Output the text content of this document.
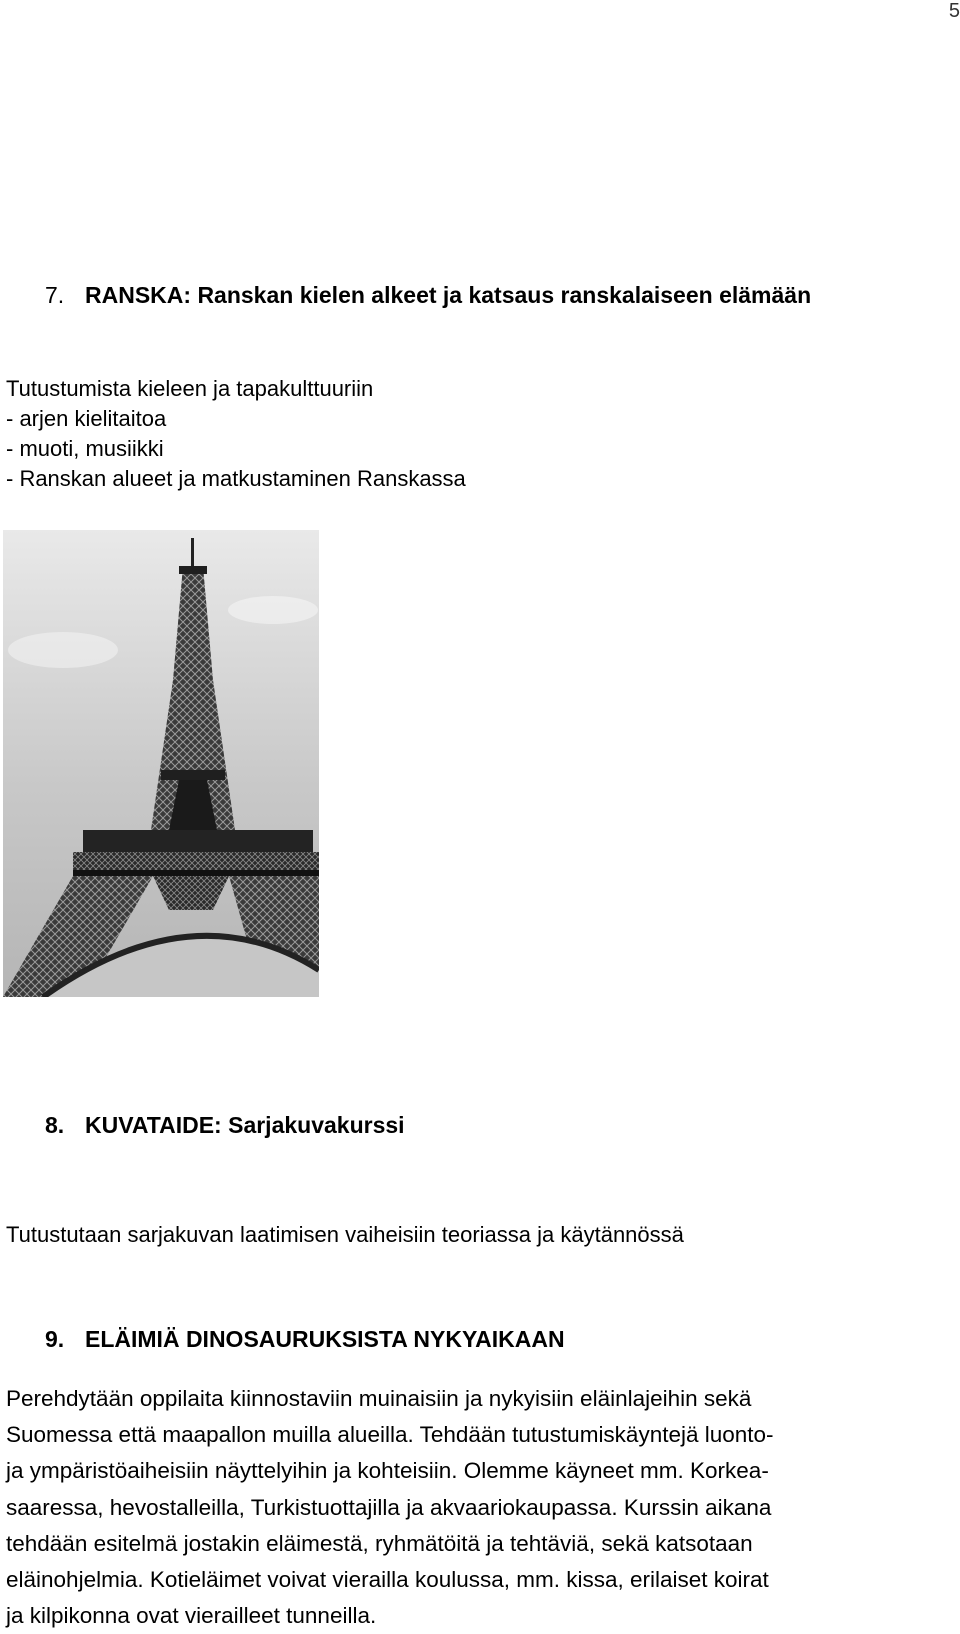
5
7. RANSKA: Ranskan kielen alkeet ja katsaus ranskalaiseen elämään
Tutustumista kieleen ja tapakulttuuriin
- arjen kielitaitoa
- muoti, musiikki
- Ranskan alueet ja matkustaminen Ranskassa
8. KUVATAIDE: Sarjakuvakurssi
Tutustutaan sarjakuvan laatimisen vaiheisiin teoriassa ja käytännössä
9. ELÄIMIÄ DINOSAURUKSISTA NYKYAIKAAN
Perehdytään oppilaita kiinnostaviin muinaisiin ja nykyisiin eläinlajeihin sekä
Suomessa että maapallon muilla alueilla. Tehdään tutustumiskäyntejä luonto-
ja ympäristöaiheisiin näyttelyihin ja kohteisiin. Olemme käyneet mm. Korkea-
saaressa, hevostalleilla, Turkistuottajilla ja akvaariokaupassa. Kurssin aikana
tehdään esitelmä jostakin eläimestä, ryhmätöitä ja tehtäviä, sekä katsotaan
eläinohjelmia. Kotieläimet voivat vierailla koulussa, mm. kissa, erilaiset koirat
ja kilpikonna ovat vierailleet tunneilla.
